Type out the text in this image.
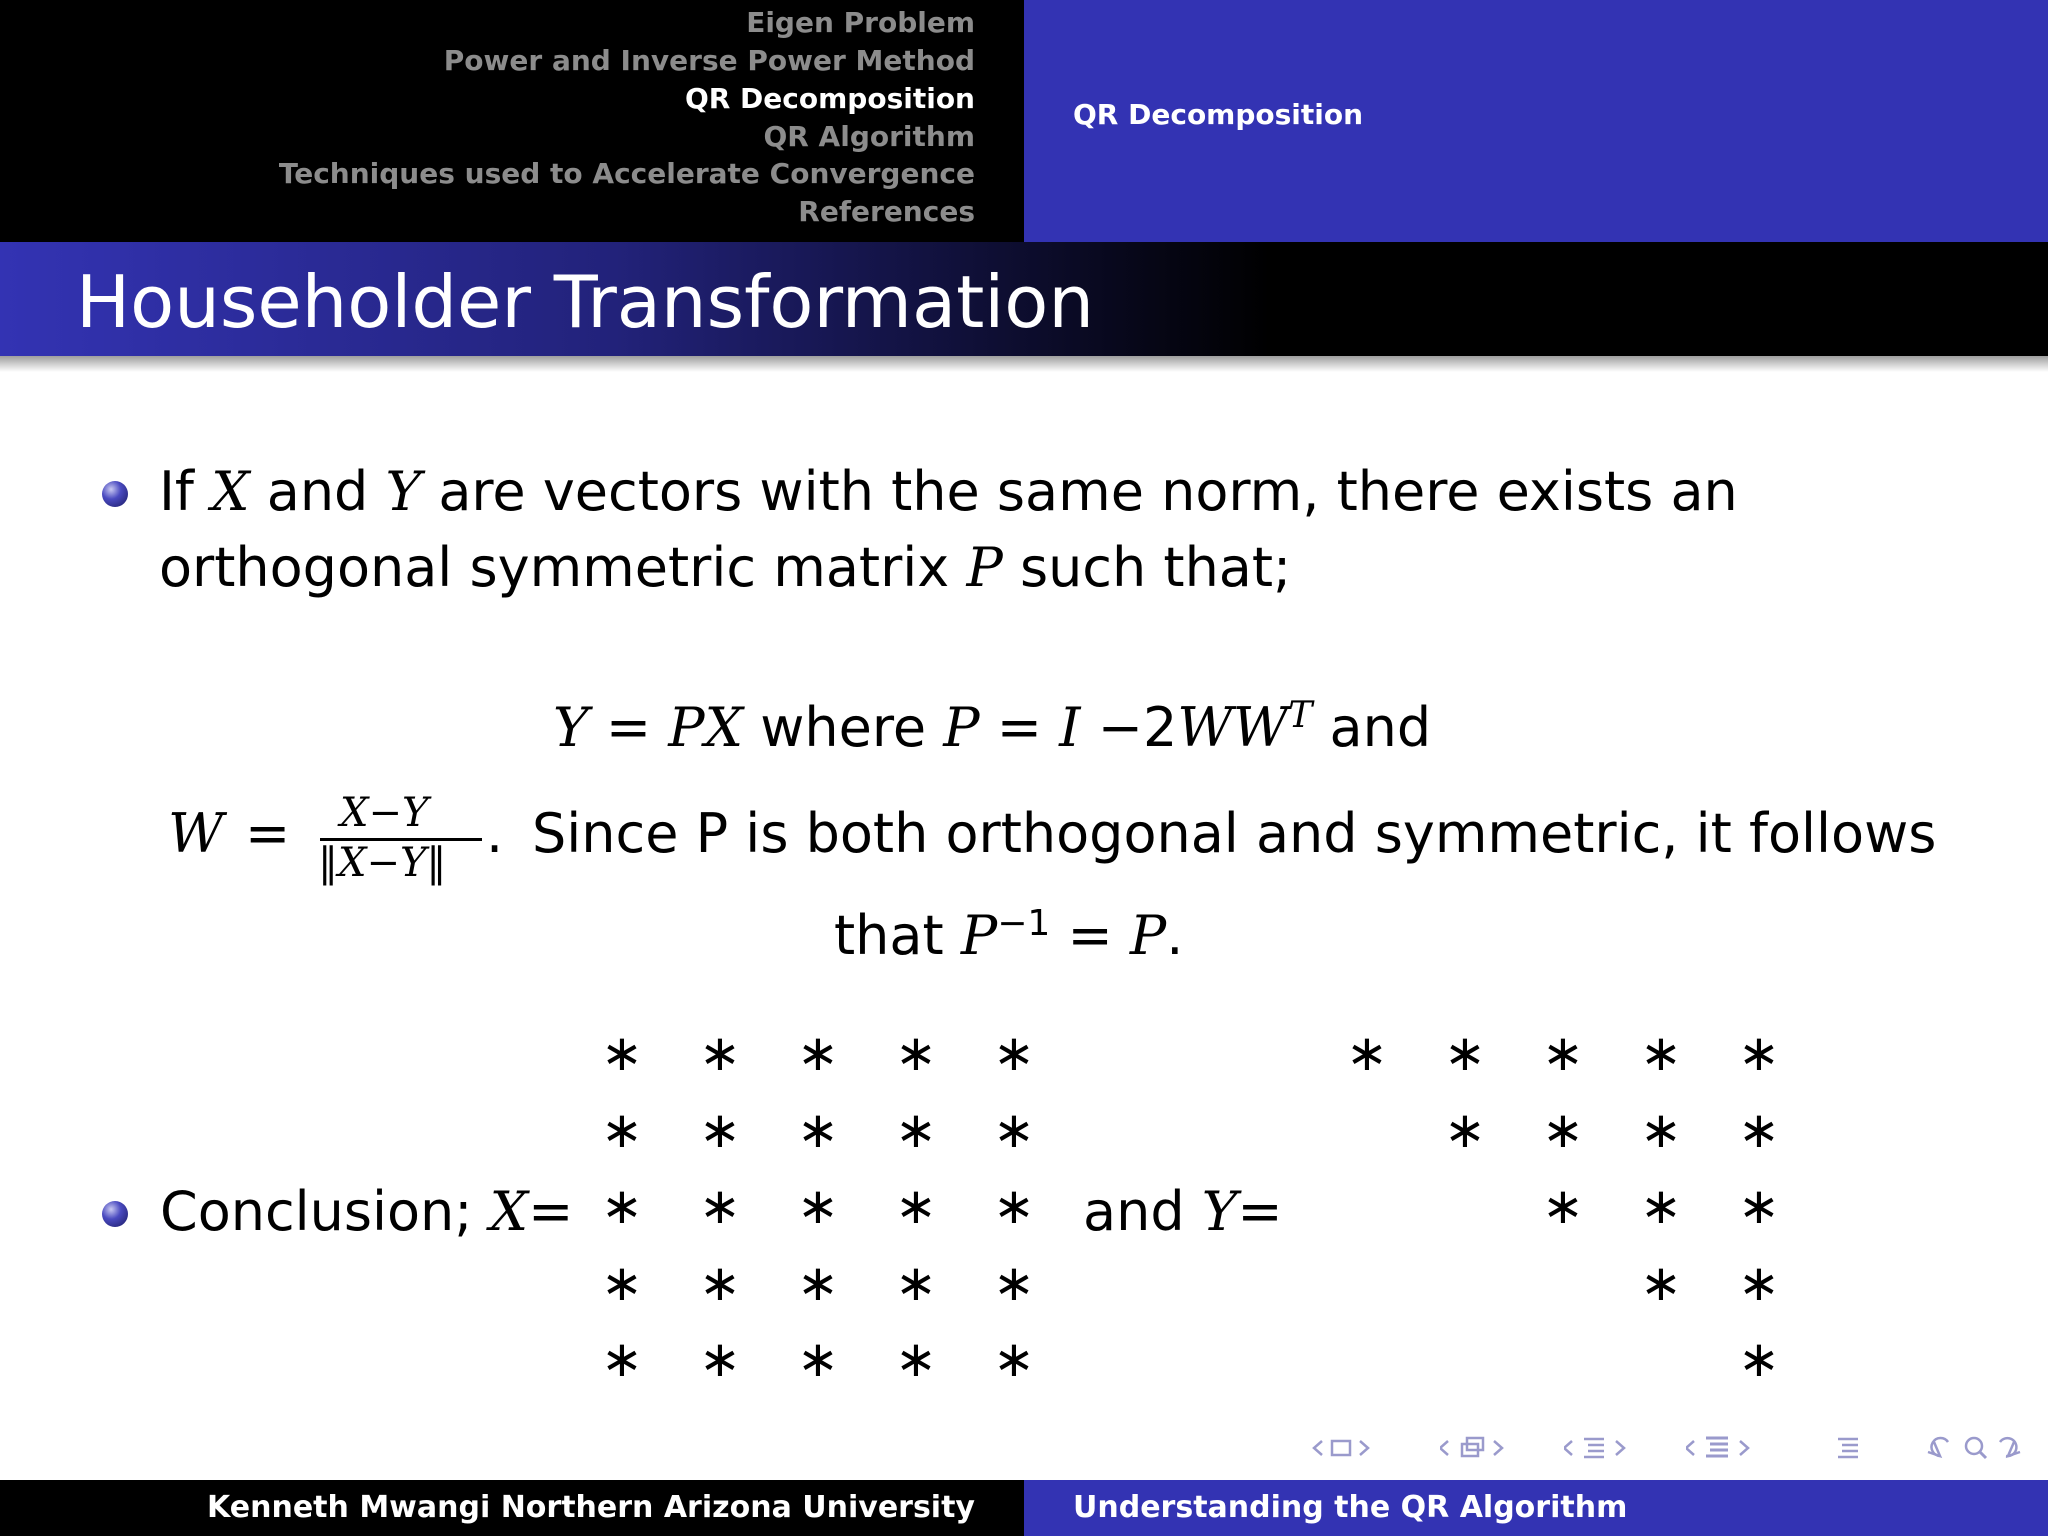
Eigen Problem
Power and Inverse Power Method
QR Decomposition
QR Algorithm
Techniques used to Accelerate Convergence
References
QR Decomposition
Householder Transformation
If X and Y are vectors with the same norm, there exists an
orthogonal symmetric matrix P such that;
Y = PX where $P = I -2WW^T$ and
W = X−Y
‖X−Y‖ . Since P is both orthogonal and symmetric, it follows
that $P^{-1} = P$.
Conclusion; X=	and Y=
∗ ∗ ∗ ∗ ∗
∗ ∗ ∗ ∗ ∗
∗ ∗ ∗ ∗ ∗
∗ ∗ ∗ ∗ ∗
∗ ∗ ∗ ∗ ∗
∗ ∗ ∗ ∗ ∗
∗ ∗ ∗ ∗
∗ ∗ ∗
∗ ∗
∗
Kenneth Mwangi Northern Arizona University	Understanding the QR Algorithm
